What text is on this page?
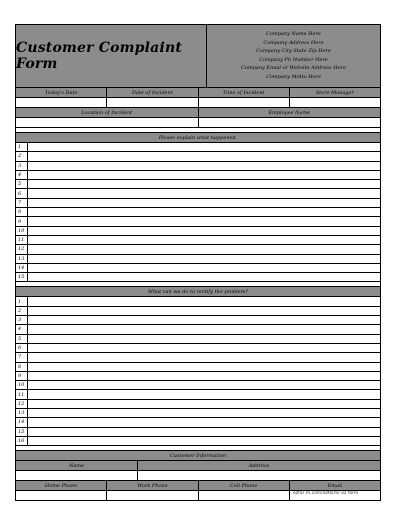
Customer Complaint Form
Company Name Here
Company Address Here
Company City State Zip Here
Company Ph Number Here
Company Email or Website Address Here
Company Motto Here
Today's Date	Date of Incident	Time of Incident	Store Manager
Location of Incident	Employee Name
Please explain what happened.
1
2
3
4
5
6
7
8
9
10
11
12
13
14
15
What can we do to rectify the problem?
1
2
3
4
5
6
7
8
9
10
11
12
13
14
15
16
Customer Information
Name	Address
Home Phone	Work Phone	Cell Phone	Email
ezfor m.com/ezform/ ez form
